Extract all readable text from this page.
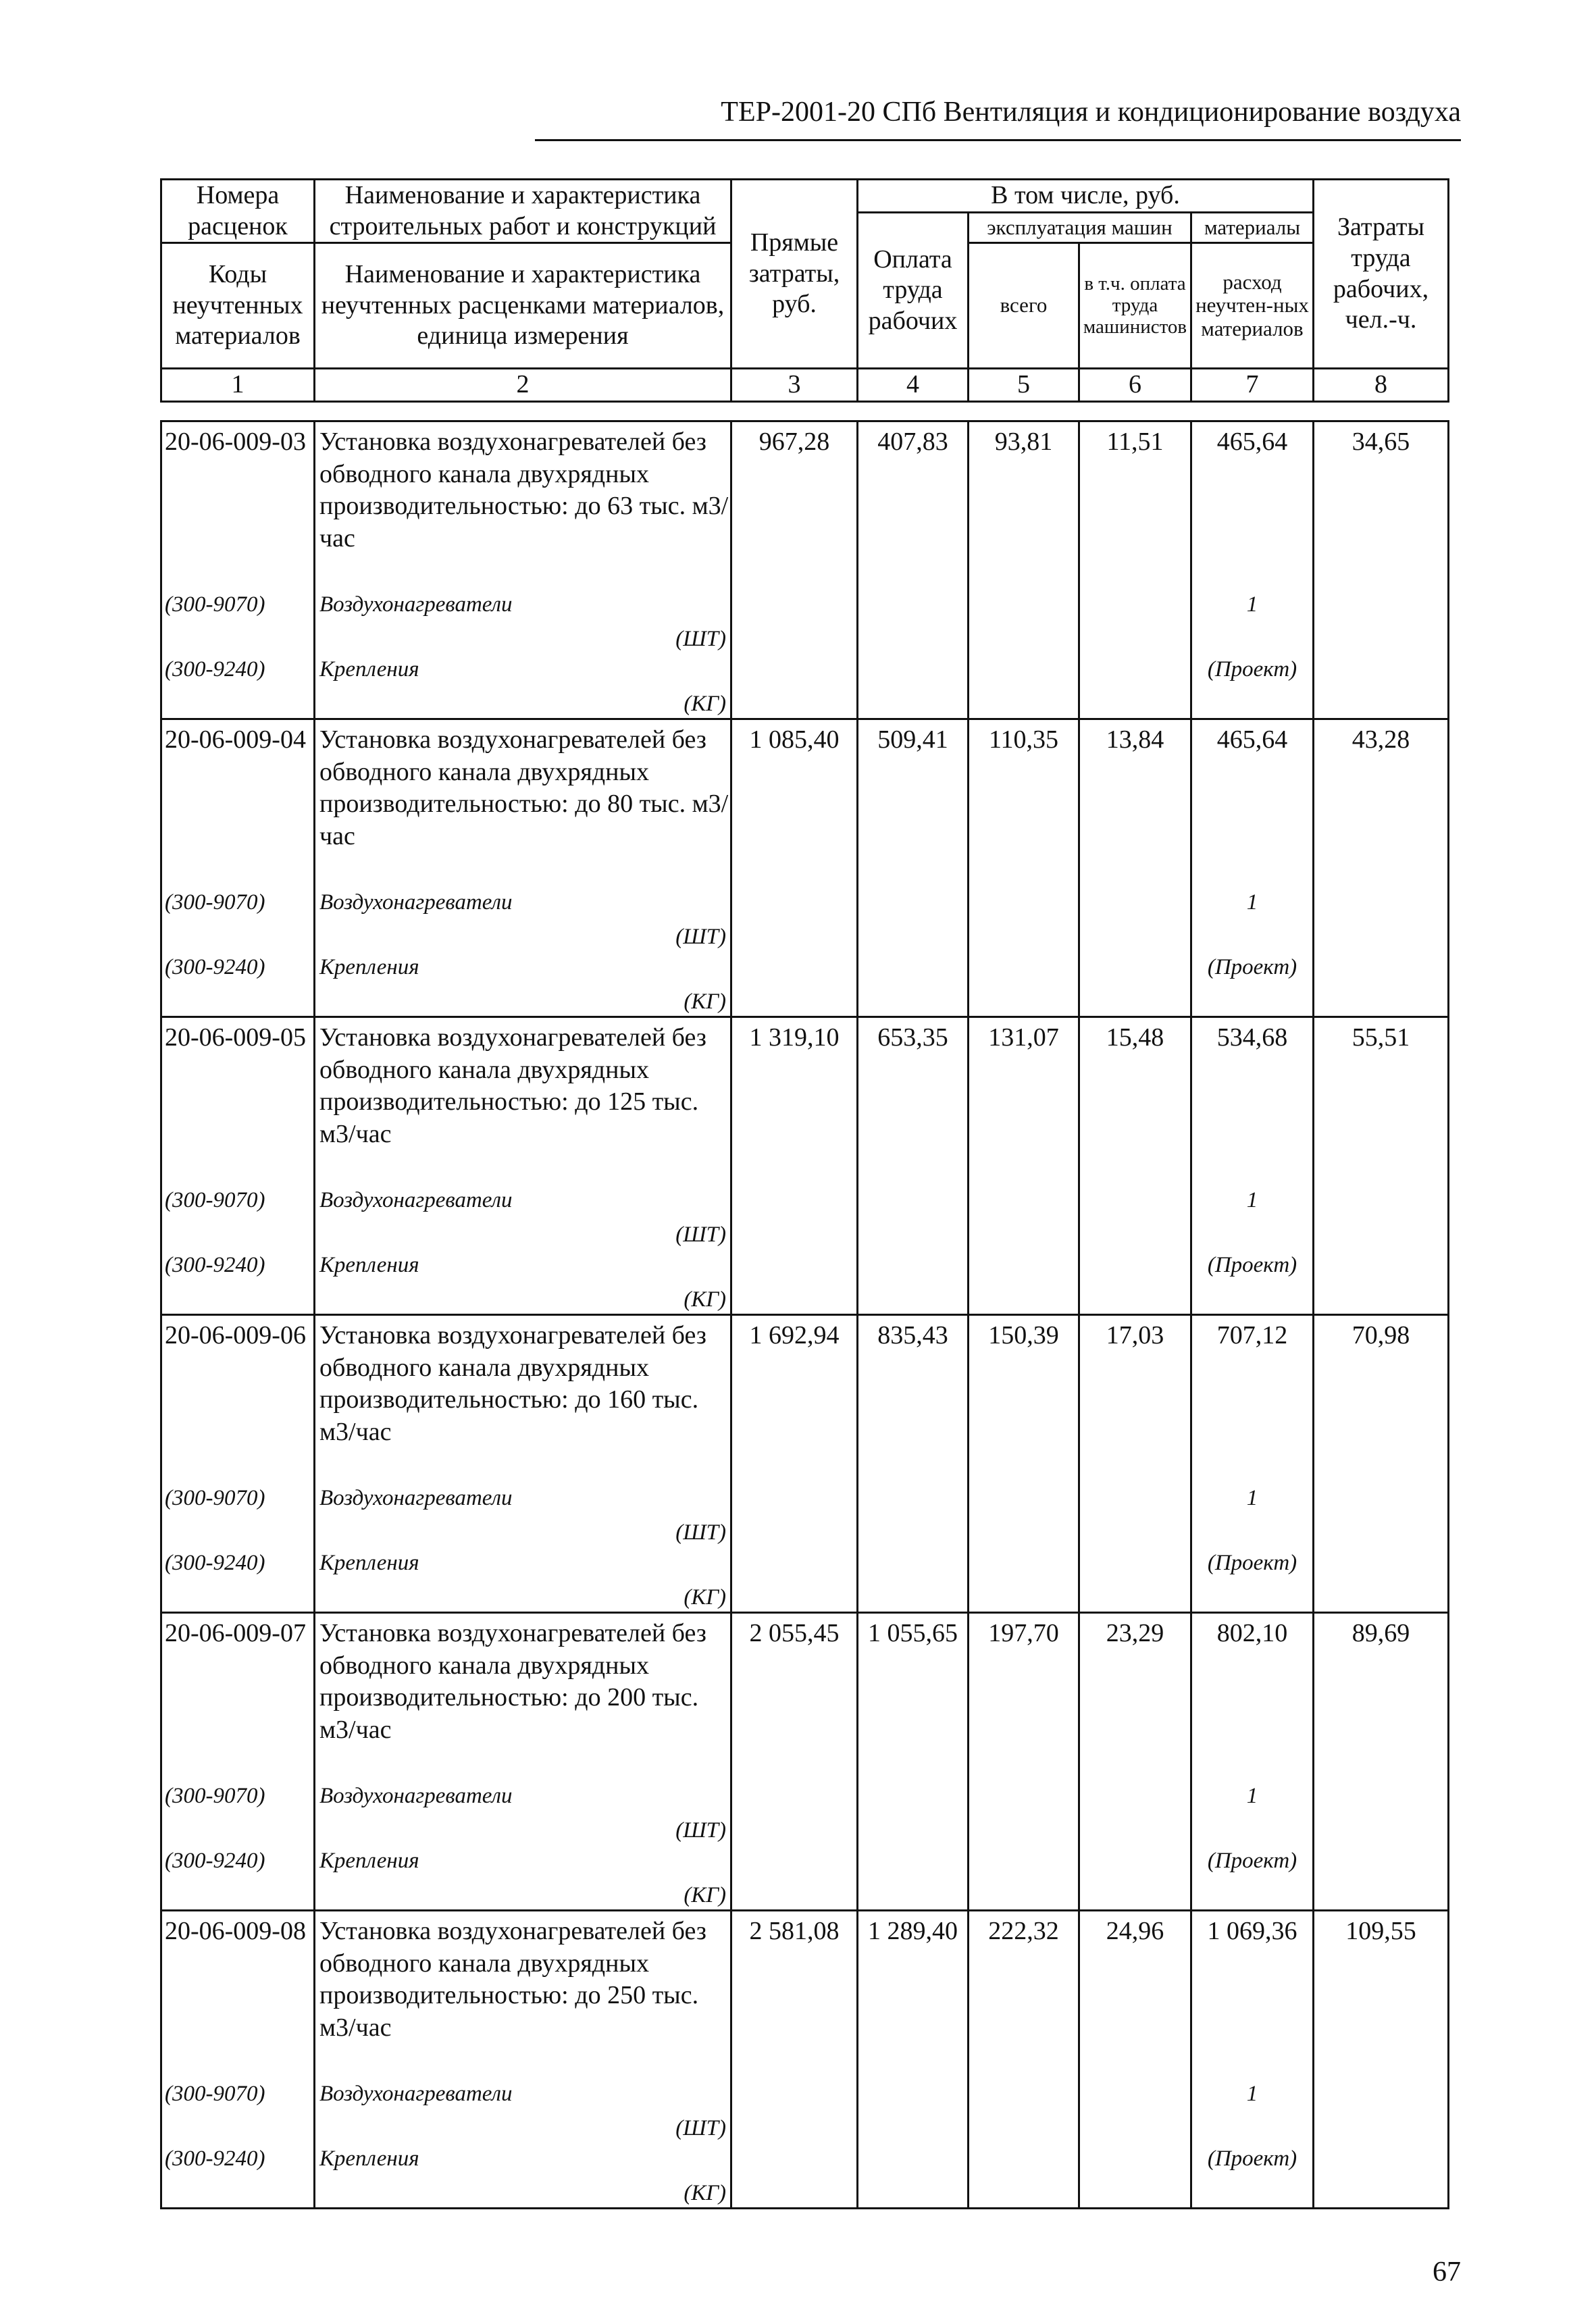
ТЕР-2001-20 СПб Вентиляция и кондиционирование воздуха
Номера расценок	Наименование и характеристика строительных работ и конструкций	Прямые затраты, руб.	В том числе, руб.				Затраты труда рабочих, чел.-ч.
			Оплата труда рабочих	эксплуатация машин		материалы	
Коды неучтенных материалов	Наименование и характеристика неучтенных расценками материалов, единица измерения			всего	в т.ч. оплата труда машинистов	расход неучтен-ных материалов	

1	2	3	4	5	6	7	8
20-06-009-03	Установка воздухонагревателей без обводного канала двухрядных производительностью: до 63 тыс. м3/час	967,28	407,83	93,81	11,51	465,64	34,65
(300-9070)	Воздухонагреватели
(ШТ)					1	
(300-9240)	Крепления
(КГ)					(Проект)	
20-06-009-04	Установка воздухонагревателей без обводного канала двухрядных производительностью: до 80 тыс. м3/час	1 085,40	509,41	110,35	13,84	465,64	43,28
(300-9070)	Воздухонагреватели
(ШТ)					1	
(300-9240)	Крепления
(КГ)					(Проект)	
20-06-009-05	Установка воздухонагревателей без обводного канала двухрядных производительностью: до 125 тыс. м3/час	1 319,10	653,35	131,07	15,48	534,68	55,51
(300-9070)	Воздухонагреватели
(ШТ)					1	
(300-9240)	Крепления
(КГ)					(Проект)	
20-06-009-06	Установка воздухонагревателей без обводного канала двухрядных производительностью: до 160 тыс. м3/час	1 692,94	835,43	150,39	17,03	707,12	70,98
(300-9070)	Воздухонагреватели
(ШТ)					1	
(300-9240)	Крепления
(КГ)					(Проект)	
20-06-009-07	Установка воздухонагревателей без обводного канала двухрядных производительностью: до 200 тыс. м3/час	2 055,45	1 055,65	197,70	23,29	802,10	89,69
(300-9070)	Воздухонагреватели
(ШТ)					1	
(300-9240)	Крепления
(КГ)					(Проект)	
20-06-009-08	Установка воздухонагревателей без обводного канала двухрядных производительностью: до 250 тыс. м3/час	2 581,08	1 289,40	222,32	24,96	1 069,36	109,55
(300-9070)	Воздухонагреватели
(ШТ)					1	
(300-9240)	Крепления
(КГ)					(Проект)	
67
